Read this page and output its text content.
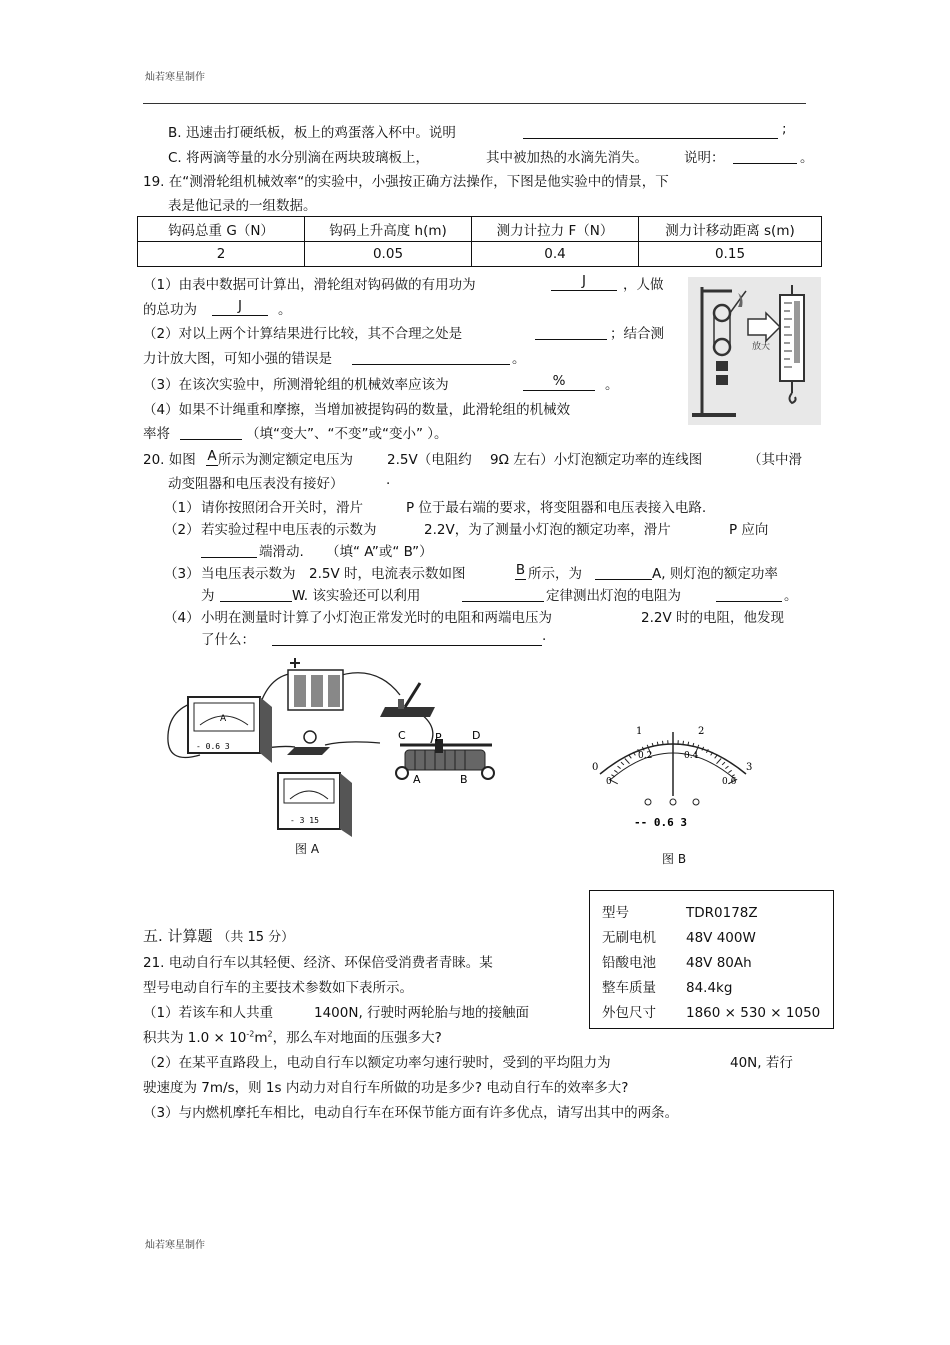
灿若寒星制作
B. 迅速击打硬纸板，板上的鸡蛋落入杯中。说明	;
C. 将两滴等量的水分别滴在两块玻璃板上，	其中被加热的水滴先消失。	说明：	。
19. 在“测滑轮组机械效率“的实验中，小强按正确方法操作，下图是他实验中的情景，下
表是他记录的一组数据。
钩码总重 G（N）	钩码上升高度 h(m)	测力计拉力 F（N）	测力计移动距离 s(m)
2	0.05	0.4	0.15
（1）由表中数据可计算出，滑轮组对钩码做的有用功为	J	，人做
的总功为	J	。
（2）对以上两个计算结果进行比较，其不合理之处是	；结合测
力计放大图，可知小强的错误是	。
（3）在该次实验中，所测滑轮组的机械效率应该为	%	。
（4）如果不计绳重和摩擦，当增加被提钩码的数量，此滑轮组的机械效
率将	（填“变大”、“不变”或“变小” ）。
放大
20. 如图 A 所示为测定额定电压为	2.5V（电阻约 9Ω 左右）小灯泡额定功率的连线图	（其中滑
动变阻器和电压表没有接好）	.
（1） 请你按照闭合开关时，滑片	P 位于最右端的要求，将变阻器和电压表接入电路.
（2） 若实验过程中电压表的示数为	2.2V，为了测量小灯泡的额定功率，滑片	P 应向
端滑动. （填“ A”或“ B”）
（3） 当电压表示数为 2.5V 时，电流表示数如图	B 所示，为	A, 则灯泡的额定功率
为	W. 该实验还可以利用	定律测出灯泡的电阻为	。
（4） 小明在测量时计算了小灯泡正常发光时的电阻和两端电压为	2.2V 时的电阻，他发现
了什么：	.
A
- 0.6 3
C	P	D
A	B
- 3 15
图 A
0
1	2
3
0
0.2	0.4
0.6
-- 0.6 3
图 B
五. 计算题 （共 15 分）
型号	TDR0178Z
无刷电机 48V 400W
铅酸电池 48V 80Ah
整车质量 84.4kg
外包尺寸 1860 × 530 × 1050
21. 电动自行车以其轻便、经济、环保倍受消费者青睐。某
型号电动自行车的主要技术参数如下表所示。
（1）若该车和人共重	1400N, 行驶时两轮胎与地的接触面
积共为 $1.0 \times 10^{-2}m^2$，那么车对地面的压强多大?
（2）在某平直路段上，电动自行车以额定功率匀速行驶时，受到的平均阻力为	40N, 若行
驶速度为 7m/s，则 1s 内动力对自行车所做的功是多少? 电动自行车的效率多大?
（3）与内燃机摩托车相比，电动自行车在环保节能方面有许多优点，请写出其中的两条。
灿若寒星制作
